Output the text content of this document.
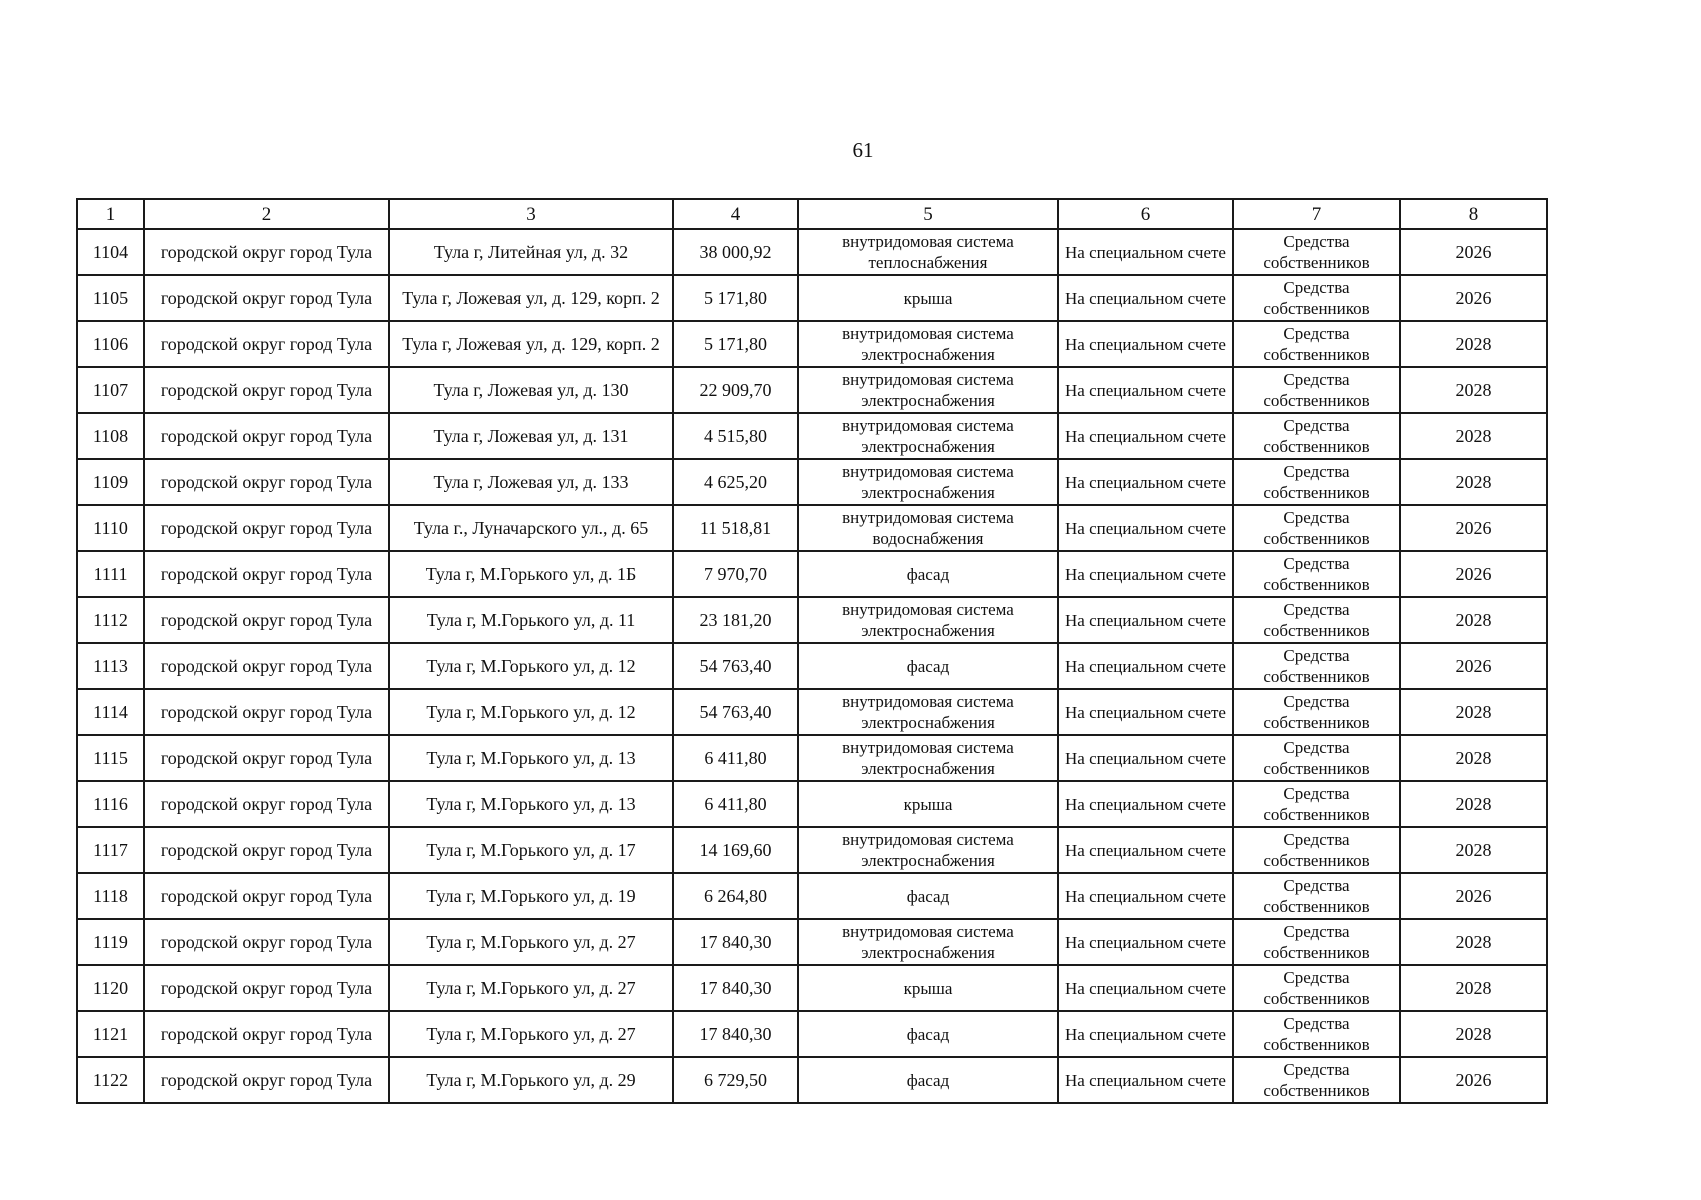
61
1	2	3	4	5	6	7	8
1104	городской округ город Тула	Тула г, Литейная ул, д. 32	38 000,92	внутридомовая система теплоснабжения	На специальном счете	Средства собственников	2026
1105	городской округ город Тула	Тула г, Ложевая ул, д. 129, корп. 2	5 171,80	крыша	На специальном счете	Средства собственников	2026
1106	городской округ город Тула	Тула г, Ложевая ул, д. 129, корп. 2	5 171,80	внутридомовая система электроснабжения	На специальном счете	Средства собственников	2028
1107	городской округ город Тула	Тула г, Ложевая ул, д. 130	22 909,70	внутридомовая система электроснабжения	На специальном счете	Средства собственников	2028
1108	городской округ город Тула	Тула г, Ложевая ул, д. 131	4 515,80	внутридомовая система электроснабжения	На специальном счете	Средства собственников	2028
1109	городской округ город Тула	Тула г, Ложевая ул, д. 133	4 625,20	внутридомовая система электроснабжения	На специальном счете	Средства собственников	2028
1110	городской округ город Тула	Тула г., Луначарского ул., д. 65	11 518,81	внутридомовая система водоснабжения	На специальном счете	Средства собственников	2026
1111	городской округ город Тула	Тула г, М.Горького ул, д. 1Б	7 970,70	фасад	На специальном счете	Средства собственников	2026
1112	городской округ город Тула	Тула г, М.Горького ул, д. 11	23 181,20	внутридомовая система электроснабжения	На специальном счете	Средства собственников	2028
1113	городской округ город Тула	Тула г, М.Горького ул, д. 12	54 763,40	фасад	На специальном счете	Средства собственников	2026
1114	городской округ город Тула	Тула г, М.Горького ул, д. 12	54 763,40	внутридомовая система электроснабжения	На специальном счете	Средства собственников	2028
1115	городской округ город Тула	Тула г, М.Горького ул, д. 13	6 411,80	внутридомовая система электроснабжения	На специальном счете	Средства собственников	2028
1116	городской округ город Тула	Тула г, М.Горького ул, д. 13	6 411,80	крыша	На специальном счете	Средства собственников	2028
1117	городской округ город Тула	Тула г, М.Горького ул, д. 17	14 169,60	внутридомовая система электроснабжения	На специальном счете	Средства собственников	2028
1118	городской округ город Тула	Тула г, М.Горького ул, д. 19	6 264,80	фасад	На специальном счете	Средства собственников	2026
1119	городской округ город Тула	Тула г, М.Горького ул, д. 27	17 840,30	внутридомовая система электроснабжения	На специальном счете	Средства собственников	2028
1120	городской округ город Тула	Тула г, М.Горького ул, д. 27	17 840,30	крыша	На специальном счете	Средства собственников	2028
1121	городской округ город Тула	Тула г, М.Горького ул, д. 27	17 840,30	фасад	На специальном счете	Средства собственников	2028
1122	городской округ город Тула	Тула г, М.Горького ул, д. 29	6 729,50	фасад	На специальном счете	Средства собственников	2026
